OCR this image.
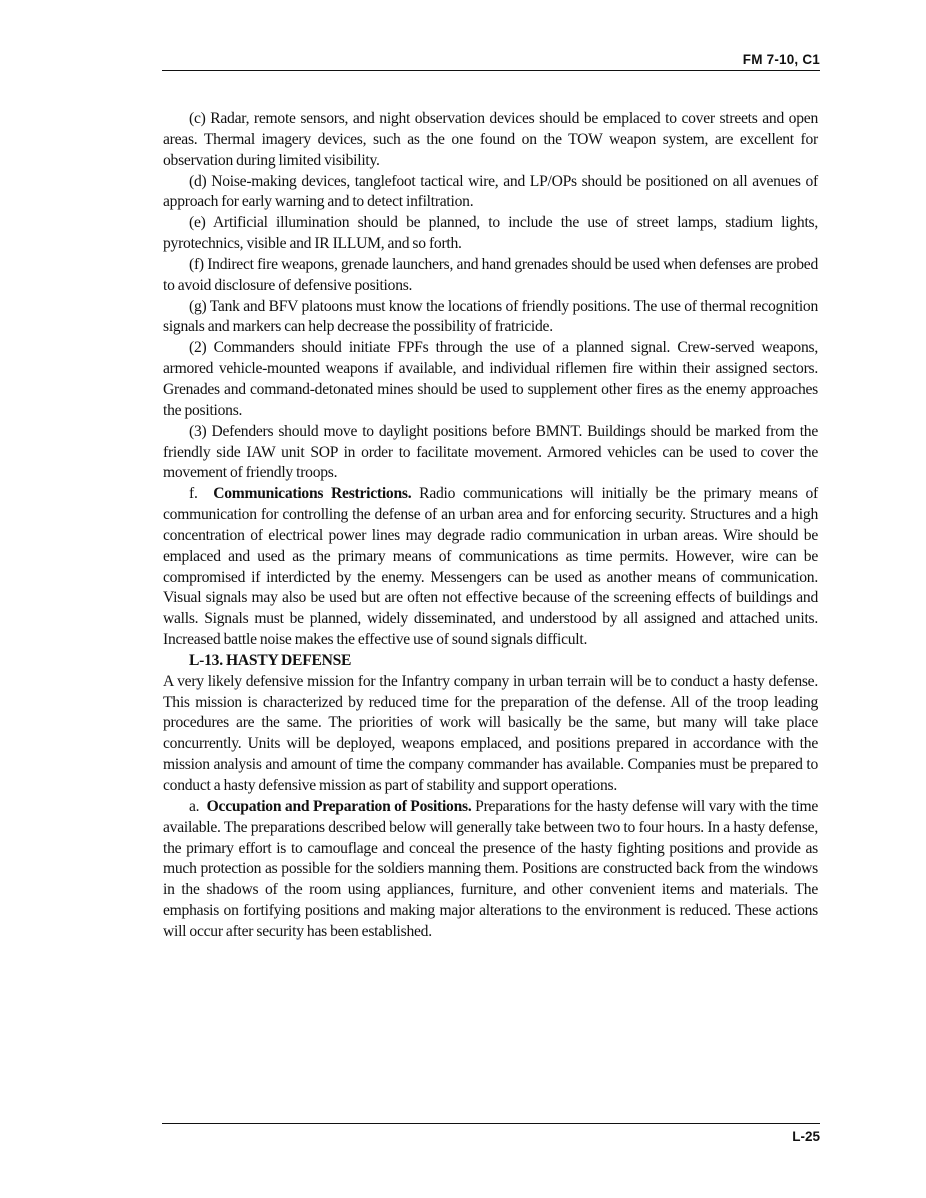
FM 7-10, C1

(c) Radar, remote sensors, and night observation devices should be emplaced to cover streets and open areas. Thermal imagery devices, such as the one found on the TOW weapon system, are excellent for observation during limited visibility.

(d) Noise-making devices, tanglefoot tactical wire, and LP/OPs should be positioned on all avenues of approach for early warning and to detect infiltration.

(e) Artificial illumination should be planned, to include the use of street lamps, stadium lights, pyrotechnics, visible and IR ILLUM, and so forth.

(f) Indirect fire weapons, grenade launchers, and hand grenades should be used when defenses are probed to avoid disclosure of defensive positions.

(g) Tank and BFV platoons must know the locations of friendly positions. The use of thermal recognition signals and markers can help decrease the possibility of fratricide.

(2) Commanders should initiate FPFs through the use of a planned signal. Crew-served weapons, armored vehicle-mounted weapons if available, and individual riflemen fire within their assigned sectors. Grenades and command-detonated mines should be used to supplement other fires as the enemy approaches the positions.

(3) Defenders should move to daylight positions before BMNT. Buildings should be marked from the friendly side IAW unit SOP in order to facilitate movement. Armored vehicles can be used to cover the movement of friendly troops.

f. Communications Restrictions. Radio communications will initially be the primary means of communication for controlling the defense of an urban area and for enforcing security. Structures and a high concentration of electrical power lines may degrade radio communication in urban areas. Wire should be emplaced and used as the primary means of communications as time permits. However, wire can be compromised if interdicted by the enemy. Messengers can be used as another means of communication. Visual signals may also be used but are often not effective because of the screening effects of buildings and walls. Signals must be planned, widely disseminated, and understood by all assigned and attached units. Increased battle noise makes the effective use of sound signals difficult.

L-13. HASTY DEFENSE

A very likely defensive mission for the Infantry company in urban terrain will be to conduct a hasty defense. This mission is characterized by reduced time for the preparation of the defense. All of the troop leading procedures are the same. The priorities of work will basically be the same, but many will take place concurrently. Units will be deployed, weapons emplaced, and positions prepared in accordance with the mission analysis and amount of time the company commander has available. Companies must be prepared to conduct a hasty defensive mission as part of stability and support operations.

a. Occupation and Preparation of Positions. Preparations for the hasty defense will vary with the time available. The preparations described below will generally take between two to four hours. In a hasty defense, the primary effort is to camouflage and conceal the presence of the hasty fighting positions and provide as much protection as possible for the soldiers manning them. Positions are constructed back from the windows in the shadows of the room using appliances, furniture, and other convenient items and materials. The emphasis on fortifying positions and making major alterations to the environment is reduced. These actions will occur after security has been established.

L-25
